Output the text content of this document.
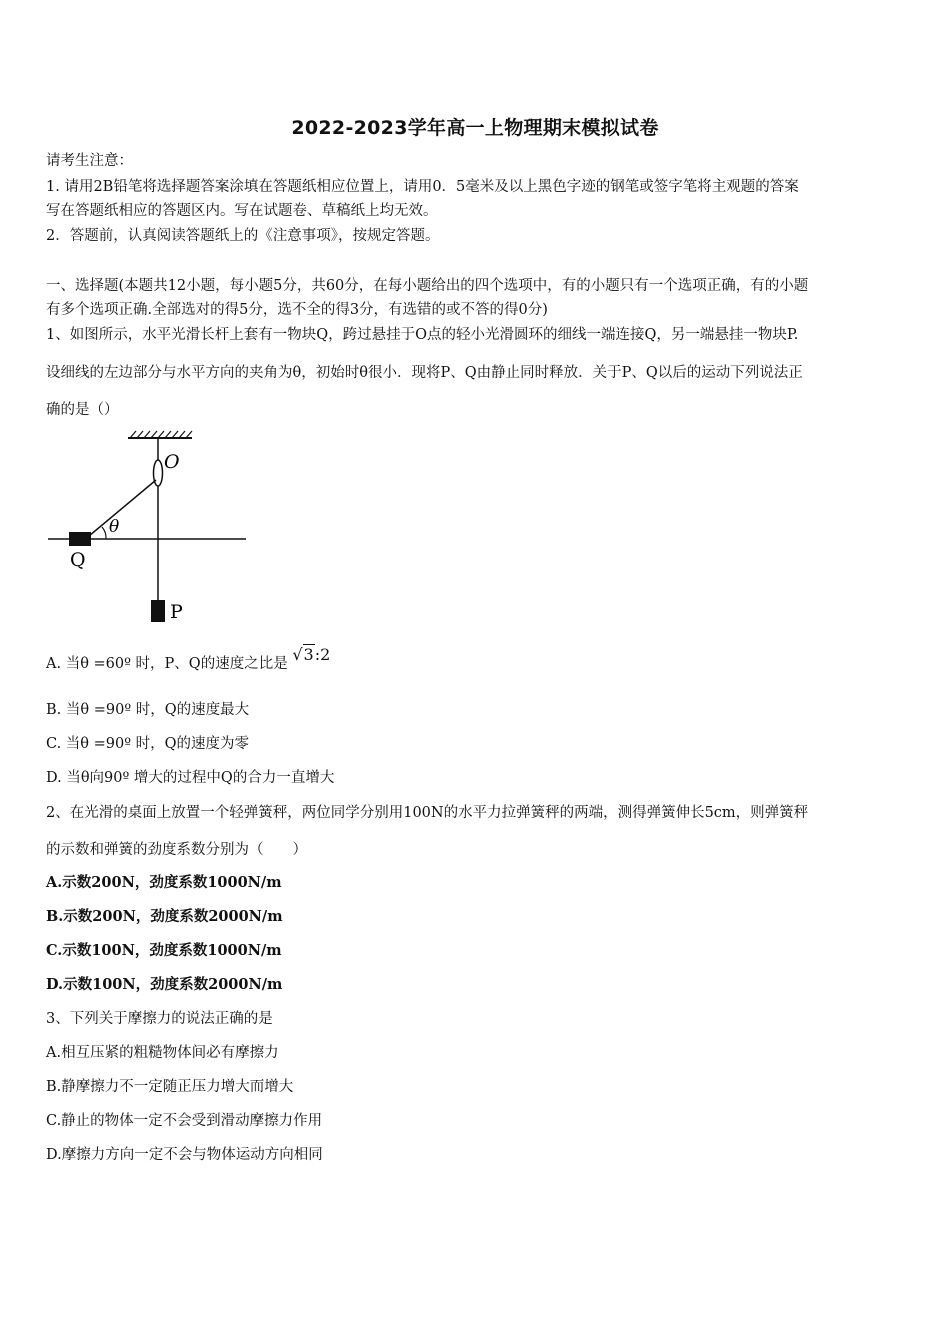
2022-2023学年高一上物理期末模拟试卷
请考生注意：
1. 请用2B铅笔将选择题答案涂填在答题纸相应位置上，请用0．5毫米及以上黑色字迹的钢笔或签字笔将主观题的答案
写在答题纸相应的答题区内。写在试题卷、草稿纸上均无效。
2．答题前，认真阅读答题纸上的《注意事项》，按规定答题。
一、选择题(本题共12小题，每小题5分，共60分，在每小题给出的四个选项中，有的小题只有一个选项正确，有的小题
有多个选项正确.全部选对的得5分，选不全的得3分，有选错的或不答的得0分)
1、如图所示，水平光滑长杆上套有一物块Q，跨过悬挂于O点的轻小光滑圆环的细线一端连接Q，另一端悬挂一物块P.
设细线的左边部分与水平方向的夹角为θ，初始时θ很小．现将P、Q由静止同时释放．关于P、Q以后的运动下列说法正
确的是（）
O
θ
Q
P
A. 当θ =60º 时，P、Q的速度之比是 √3:2
B. 当θ =90º 时，Q的速度最大
C. 当θ =90º 时，Q的速度为零
D. 当θ向90º 增大的过程中Q的合力一直增大
2、在光滑的桌面上放置一个轻弹簧秤，两位同学分别用100N的水平力拉弹簧秤的两端，测得弹簧伸长5cm，则弹簧秤
的示数和弹簧的劲度系数分别为（　　）
A.示数200N，劲度系数1000N/m
B.示数200N，劲度系数2000N/m
C.示数100N，劲度系数1000N/m
D.示数100N，劲度系数2000N/m
3、下列关于摩擦力的说法正确的是
A.相互压紧的粗糙物体间必有摩擦力
B.静摩擦力不一定随正压力增大而增大
C.静止的物体一定不会受到滑动摩擦力作用
D.摩擦力方向一定不会与物体运动方向相同
